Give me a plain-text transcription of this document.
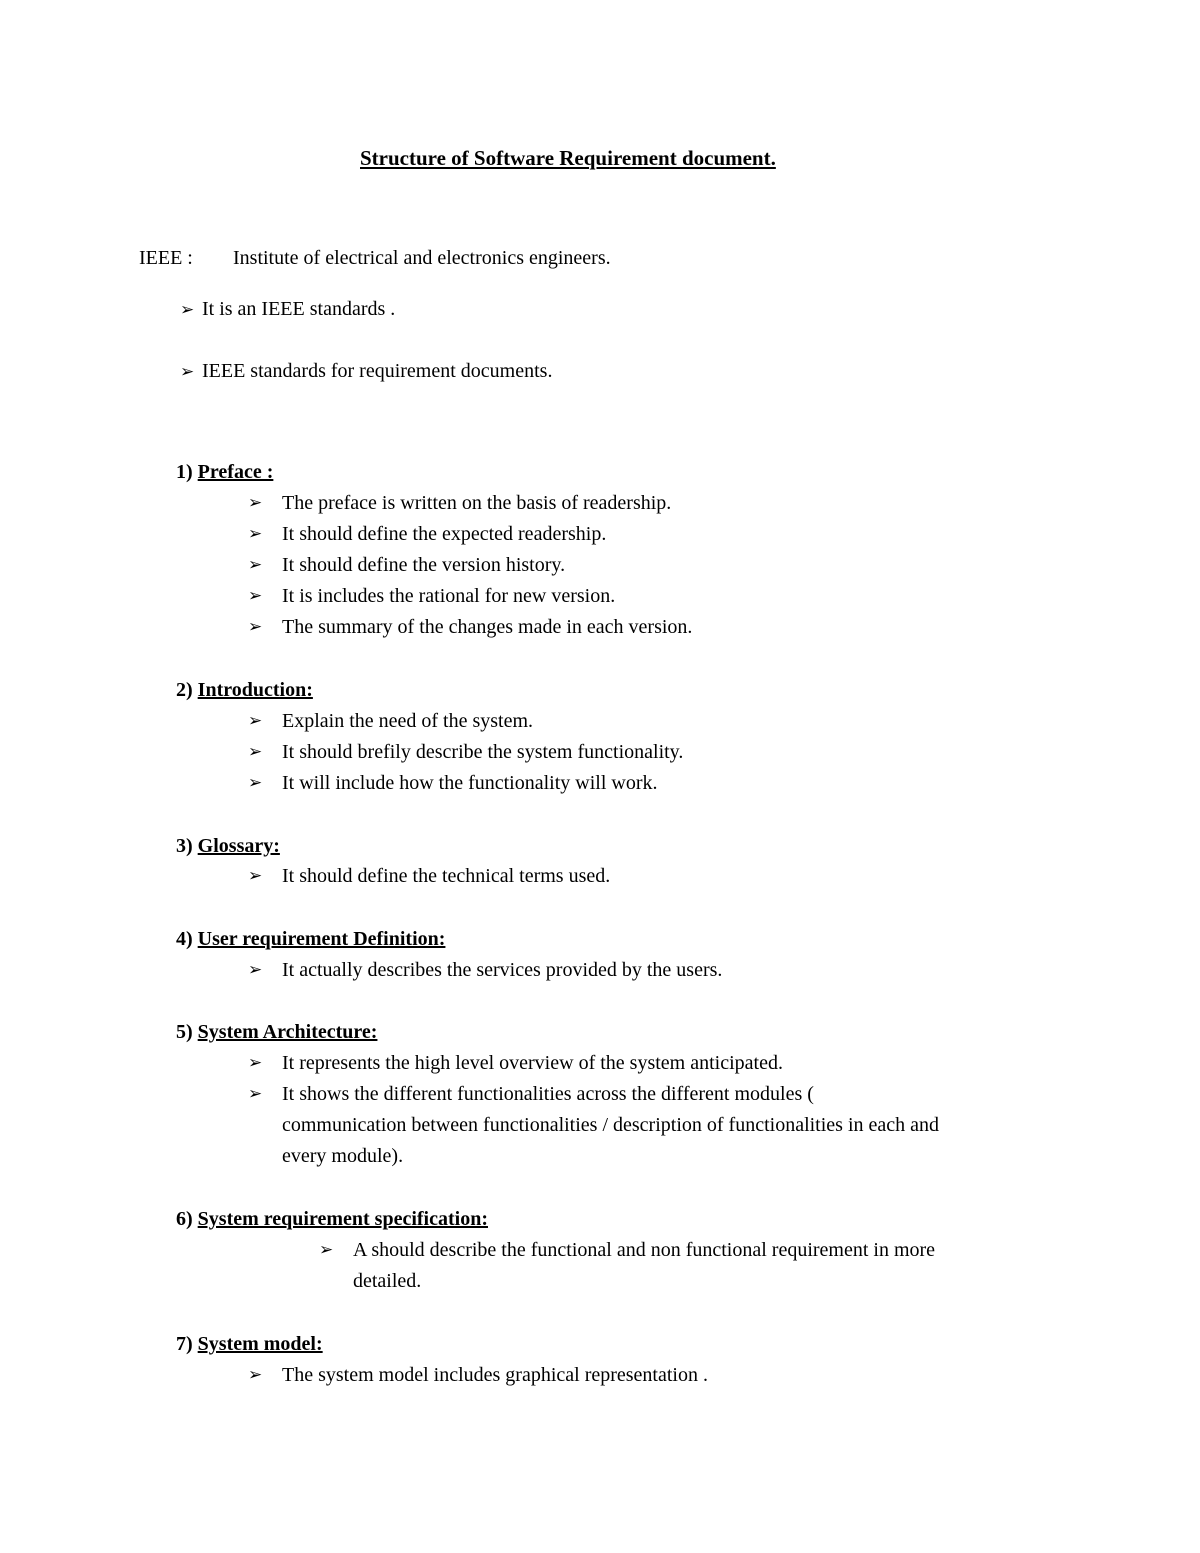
Structure of Software Requirement document.
IEEE : Institute of electrical and electronics engineers.
➢ It is an IEEE standards .
➢ IEEE standards for requirement documents.
1) Preface :
➢ The preface is written on the basis of readership.
➢ It should define the expected readership.
➢ It should define the version history.
➢ It is includes the rational for new version.
➢ The summary of the changes made in each version.
2) Introduction:
➢ Explain the need of the system.
➢ It should brefily describe the system functionality.
➢ It will include how the functionality will work.
3) Glossary:
➢ It should define the technical terms used.
4) User requirement Definition:
➢ It actually describes the services provided by the users.
5) System Architecture:
➢ It represents the high level overview of the system anticipated.
➢ It shows the different functionalities across the different modules (
communication between functionalities / description of functionalities in each and
every module).
6) System requirement specification:
➢ A should describe the functional and non functional requirement in more
detailed.
7) System model:
➢ The system model includes graphical representation .
